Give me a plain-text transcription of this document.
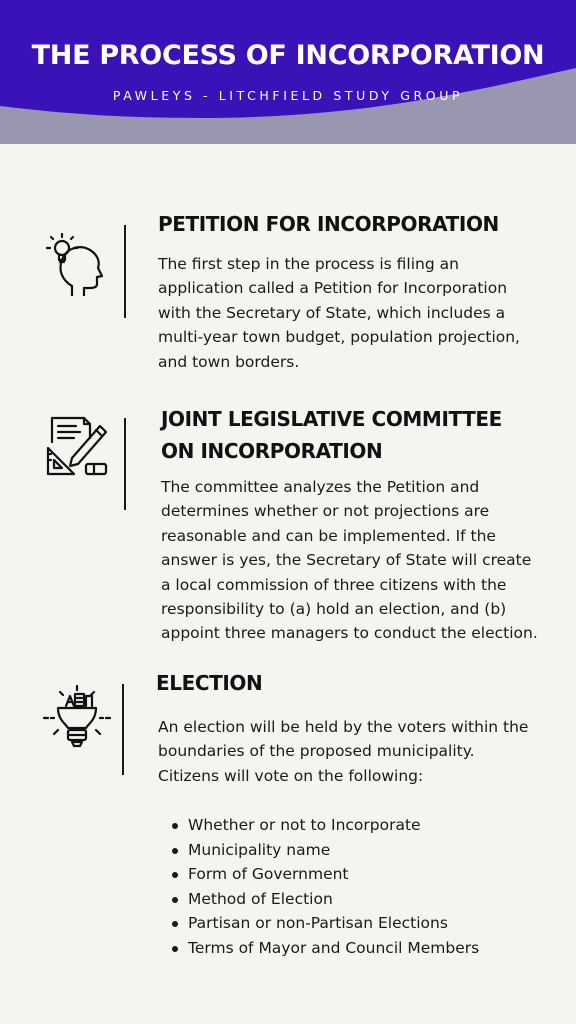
THE PROCESS OF INCORPORATION
PAWLEYS - LITCHFIELD STUDY GROUP
PETITION FOR INCORPORATION
The first step in the process is filing an
application called a Petition for Incorporation
with the Secretary of State, which includes a
multi-year town budget, population projection,
and town borders.
JOINT LEGISLATIVE COMMITTEE
ON INCORPORATION
The committee analyzes the Petition and
determines whether or not projections are
reasonable and can be implemented. If the
answer is yes, the Secretary of State will create
a local commission of three citizens with the
responsibility to (a) hold an election, and (b)
appoint three managers to conduct the election.
ELECTION
An election will be held by the voters within the
boundaries of the proposed municipality.
Citizens will vote on the following:
Whether or not to Incorporate
Municipality name
Form of Government
Method of Election
Partisan or non-Partisan Elections
Terms of Mayor and Council Members
